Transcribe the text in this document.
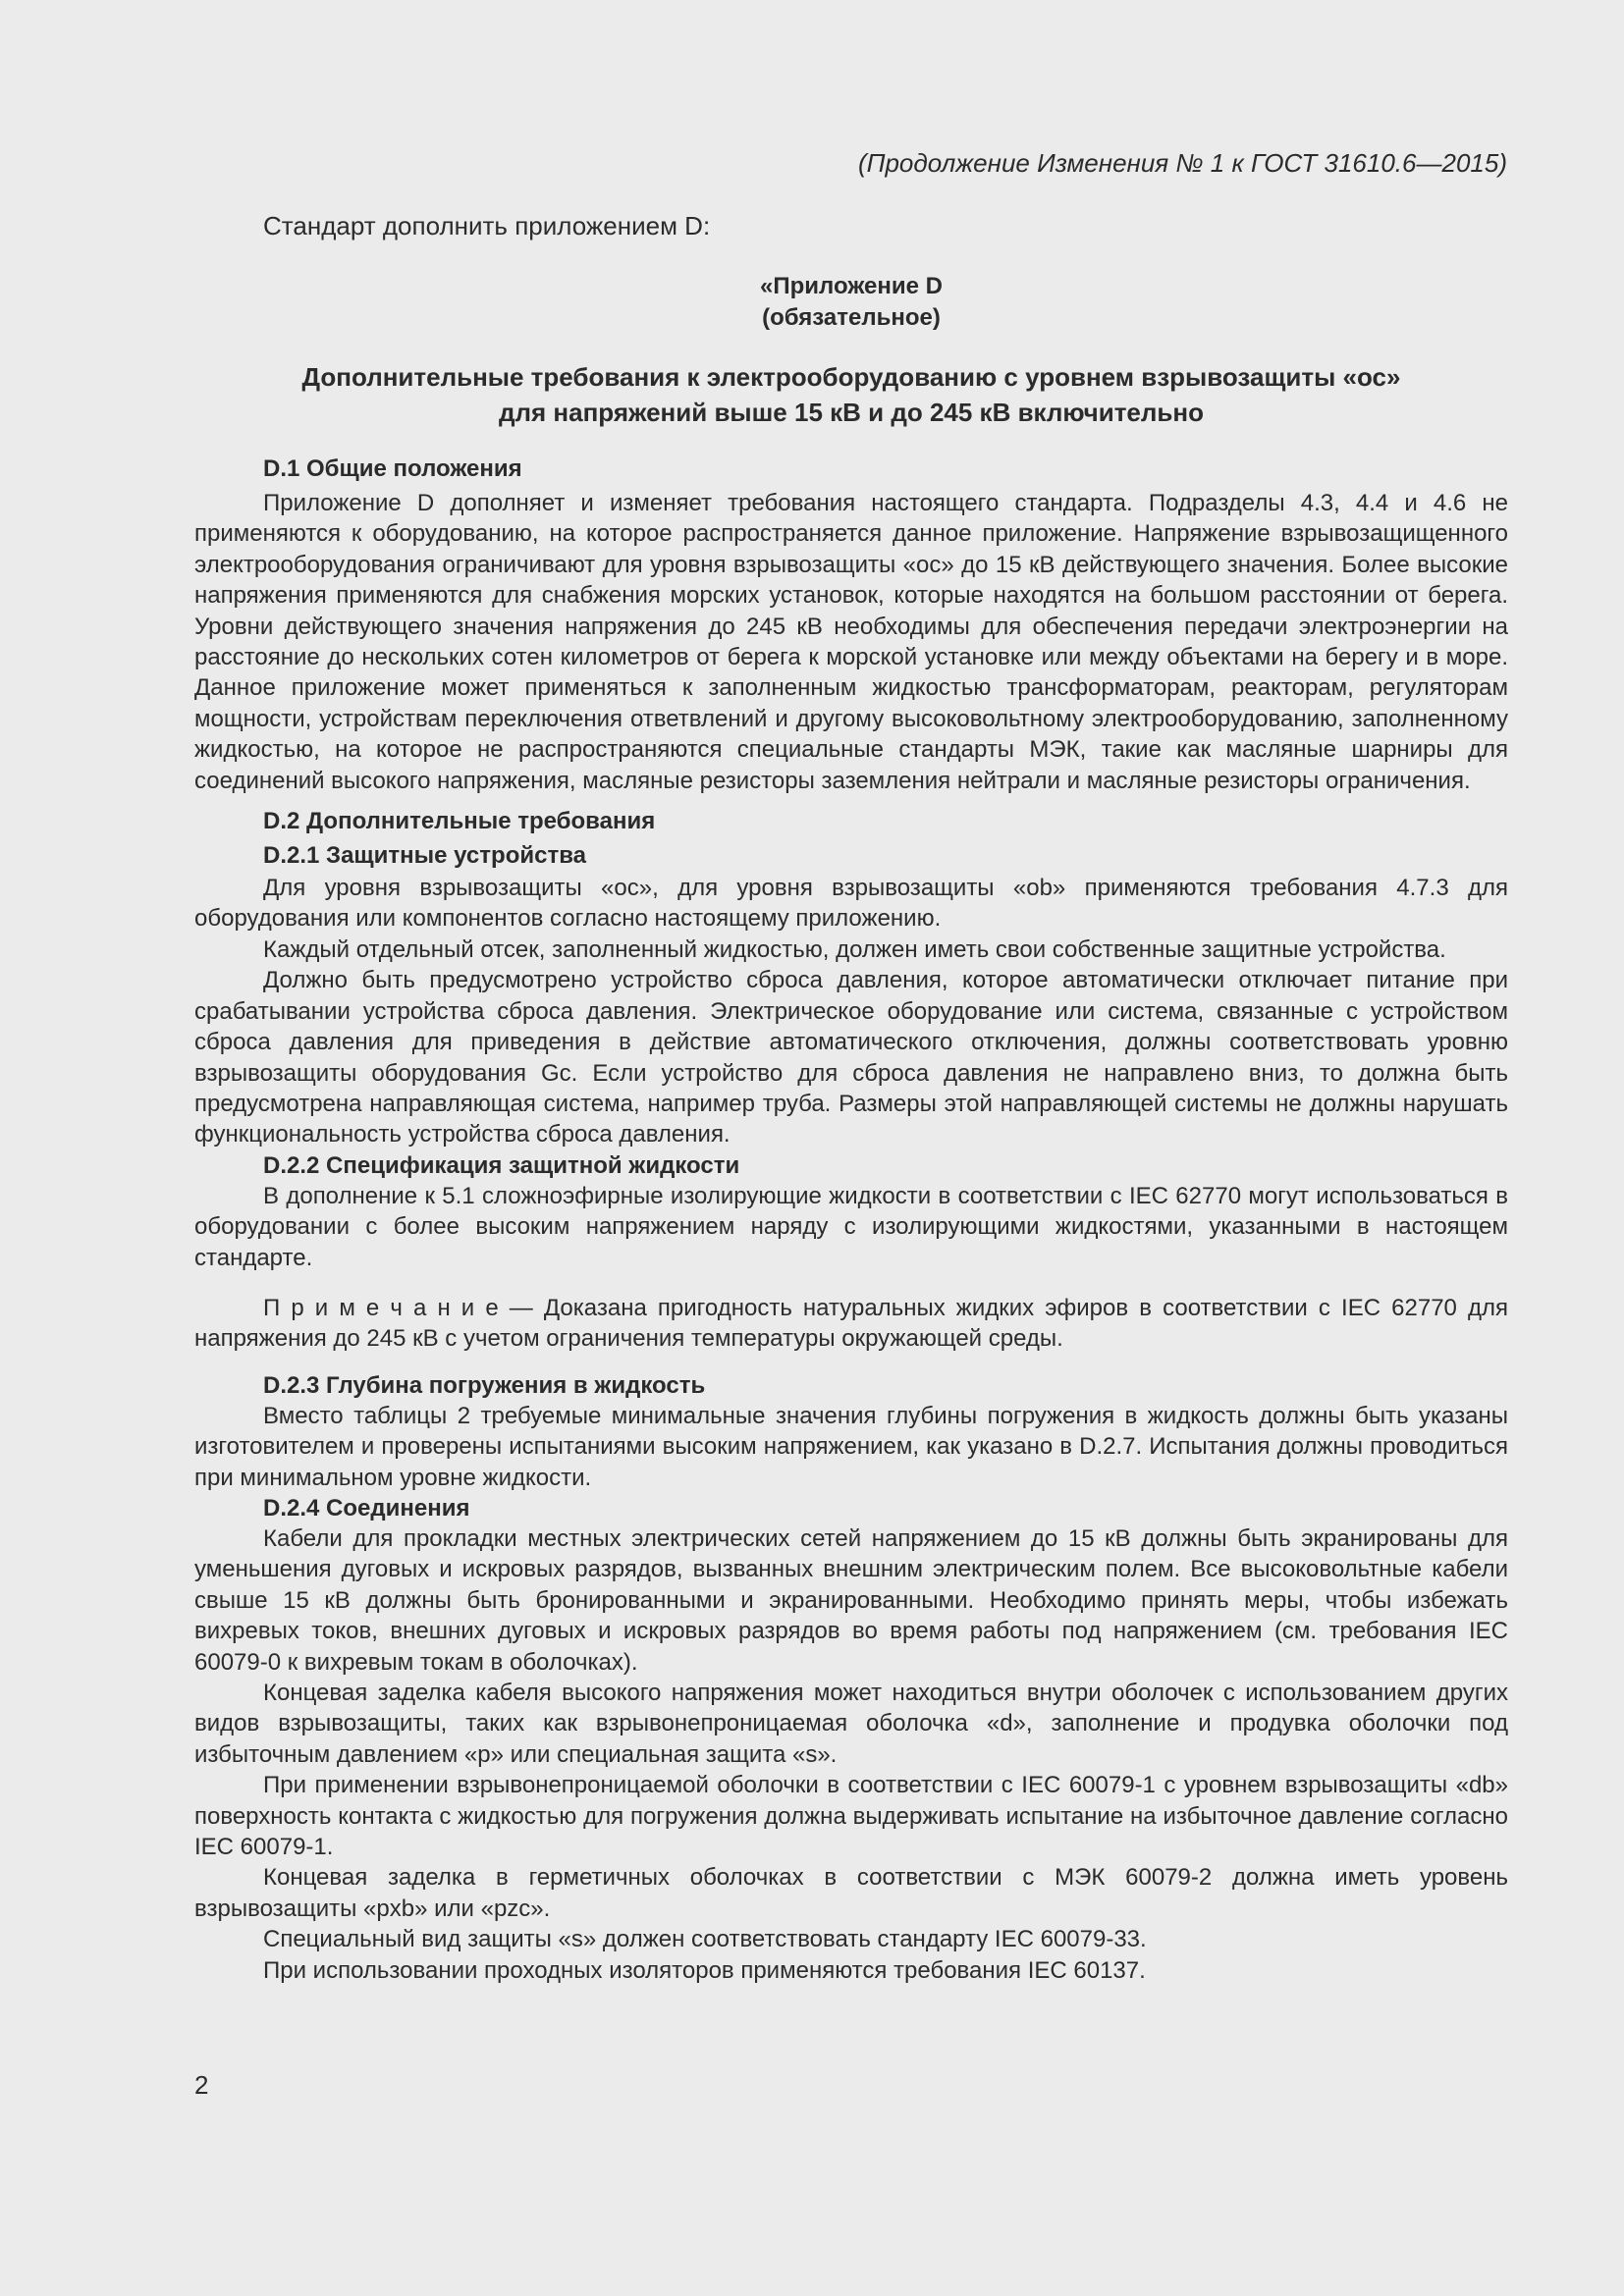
(Продолжение Изменения № 1 к ГОСТ 31610.6—2015)
Стандарт дополнить приложением D:
«Приложение D
(обязательное)
Дополнительные требования к электрооборудованию с уровнем взрывозащиты «ос»
для напряжений выше 15 кВ и до 245 кВ включительно
D.1 Общие положения

Приложение D дополняет и изменяет требования настоящего стандарта. Подразделы 4.3, 4.4 и 4.6 не применяются к оборудованию, на которое распространяется данное приложение. Напряжение взрывозащищенного электрооборудования ограничивают для уровня взрывозащиты «ос» до 15 кВ действующего значения. Более высокие напряжения применяются для снабжения морских установок, которые находятся на большом расстоянии от берега. Уровни действующего значения напряжения до 245 кВ необходимы для обеспечения передачи электроэнергии на расстояние до нескольких сотен километров от берега к морской установке или между объектами на берегу и в море. Данное приложение может применяться к заполненным жидкостью трансформаторам, реакторам, регуляторам мощности, устройствам переключения ответвлений и другому высоковольтному электрооборудованию, заполненному жидкостью, на которое не распространяются специальные стандарты МЭК, такие как масляные шарниры для соединений высокого напряжения, масляные резисторы заземления нейтрали и масляные резисторы ограничения.

D.2 Дополнительные требования
D.2.1 Защитные устройства

Для уровня взрывозащиты «ос», для уровня взрывозащиты «ob» применяются требования 4.7.3 для оборудования или компонентов согласно настоящему приложению.

Каждый отдельный отсек, заполненный жидкостью, должен иметь свои собственные защитные устройства.

Должно быть предусмотрено устройство сброса давления, которое автоматически отключает питание при срабатывании устройства сброса давления. Электрическое оборудование или система, связанные с устройством сброса давления для приведения в действие автоматического отключения, должны соответствовать уровню взрывозащиты оборудования Gc. Если устройство для сброса давления не направлено вниз, то должна быть предусмотрена направляющая система, например труба. Размеры этой направляющей системы не должны нарушать функциональность устройства сброса давления.

D.2.2 Спецификация защитной жидкости

В дополнение к 5.1 сложноэфирные изолирующие жидкости в соответствии с IEC 62770 могут использоваться в оборудовании с более высоким напряжением наряду с изолирующими жидкостями, указанными в настоящем стандарте.

П р и м е ч а н и е — Доказана пригодность натуральных жидких эфиров в соответствии с IEC 62770 для напряжения до 245 кВ с учетом ограничения температуры окружающей среды.

D.2.3 Глубина погружения в жидкость

Вместо таблицы 2 требуемые минимальные значения глубины погружения в жидкость должны быть указаны изготовителем и проверены испытаниями высоким напряжением, как указано в D.2.7. Испытания должны проводиться при минимальном уровне жидкости.

D.2.4 Соединения

Кабели для прокладки местных электрических сетей напряжением до 15 кВ должны быть экранированы для уменьшения дуговых и искровых разрядов, вызванных внешним электрическим полем. Все высоковольтные кабели свыше 15 кВ должны быть бронированными и экранированными. Необходимо принять меры, чтобы избежать вихревых токов, внешних дуговых и искровых разрядов во время работы под напряжением (см. требования IEC 60079-0 к вихревым токам в оболочках).

Концевая заделка кабеля высокого напряжения может находиться внутри оболочек с использованием других видов взрывозащиты, таких как взрывонепроницаемая оболочка «d», заполнение и продувка оболочки под избыточным давлением «p» или специальная защита «s».

При применении взрывонепроницаемой оболочки в соответствии с IEC 60079-1 с уровнем взрывозащиты «db» поверхность контакта с жидкостью для погружения должна выдерживать испытание на избыточное давление согласно IEC 60079-1.

Концевая заделка в герметичных оболочках в соответствии с МЭК 60079-2 должна иметь уровень взрывозащиты «pxb» или «pzc».

Специальный вид защиты «s» должен соответствовать стандарту IEC 60079-33.

При использовании проходных изоляторов применяются требования IEC 60137.

2
